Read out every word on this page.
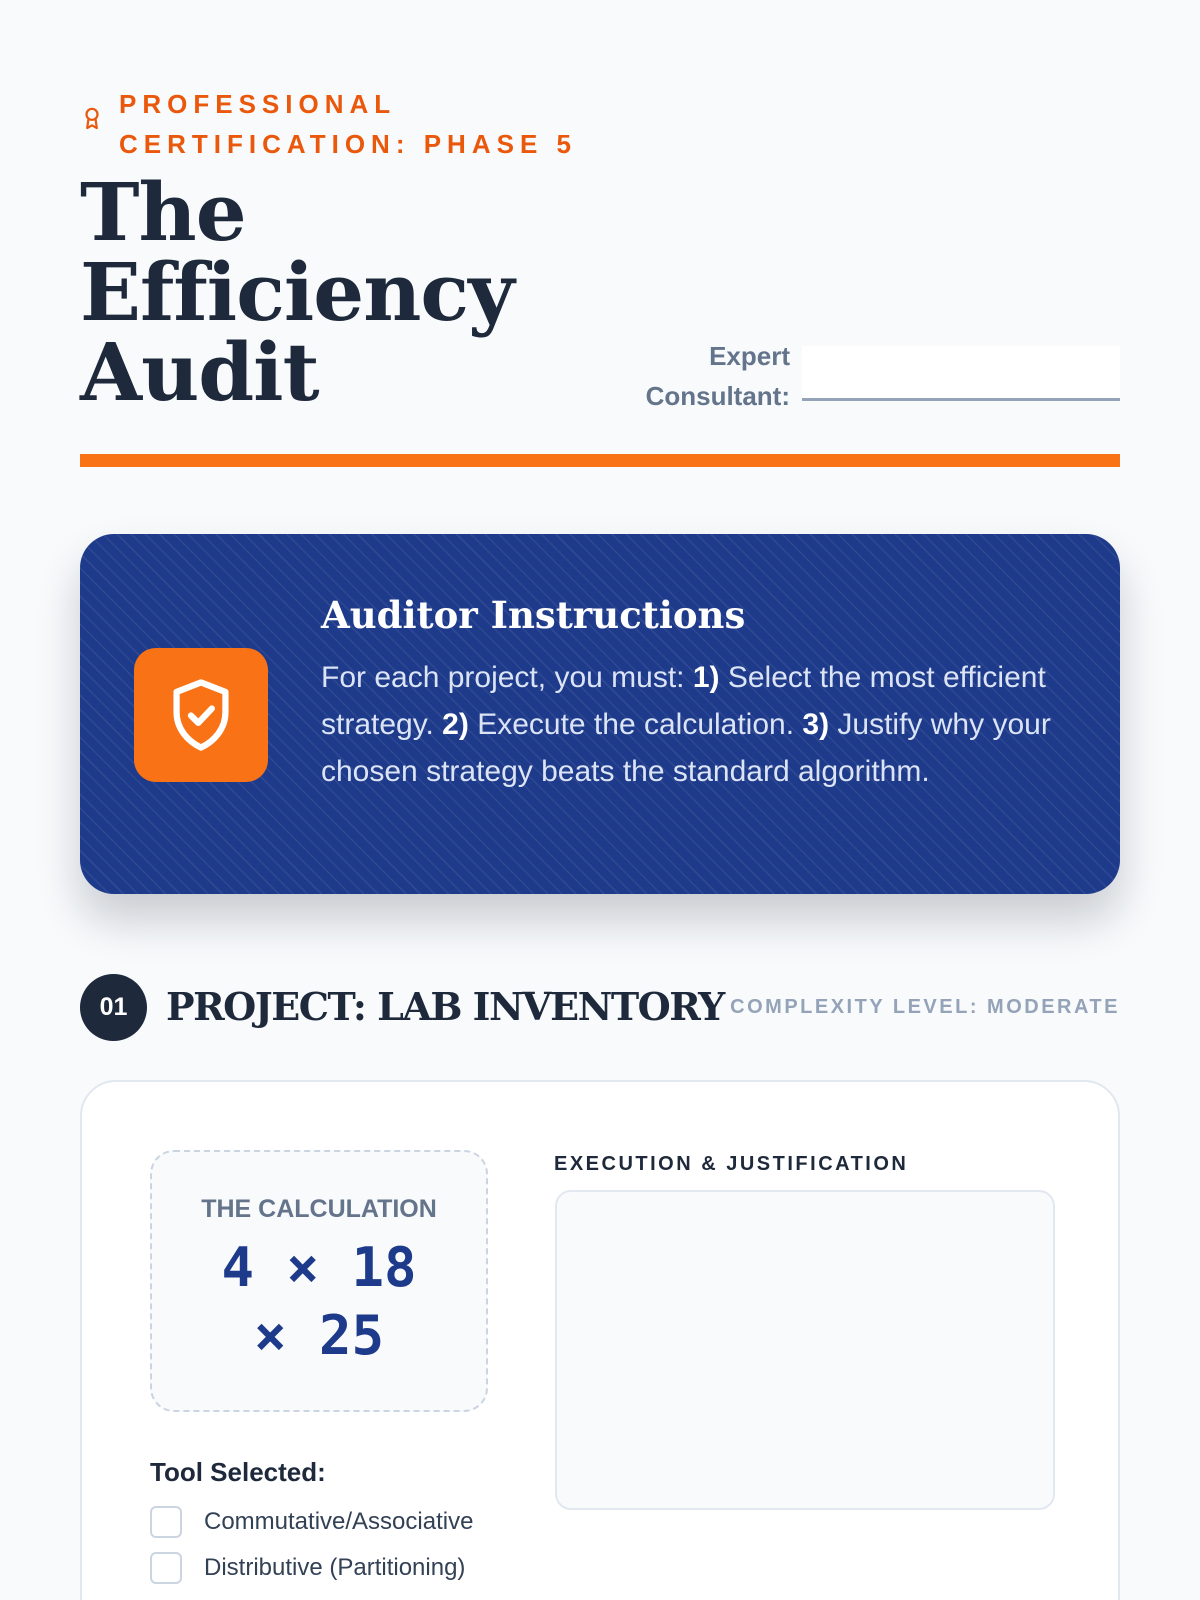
PROFESSIONAL CERTIFICATION: PHASE 5
The Efficiency Audit	Expert Consultant:
Auditor Instructions

For each project, you must: 1) Select the most efficient strategy. 2) Execute the calculation. 3) Justify why your chosen strategy beats the standard algorithm.

01	PROJECT: LAB INVENTORY COMPLEXITY LEVEL: MODERATE
THE CALCULATION
4 × 18 × 25
Tool Selected:
Commutative/Associative
Distributive (Partitioning)
EXECUTION & JUSTIFICATION
